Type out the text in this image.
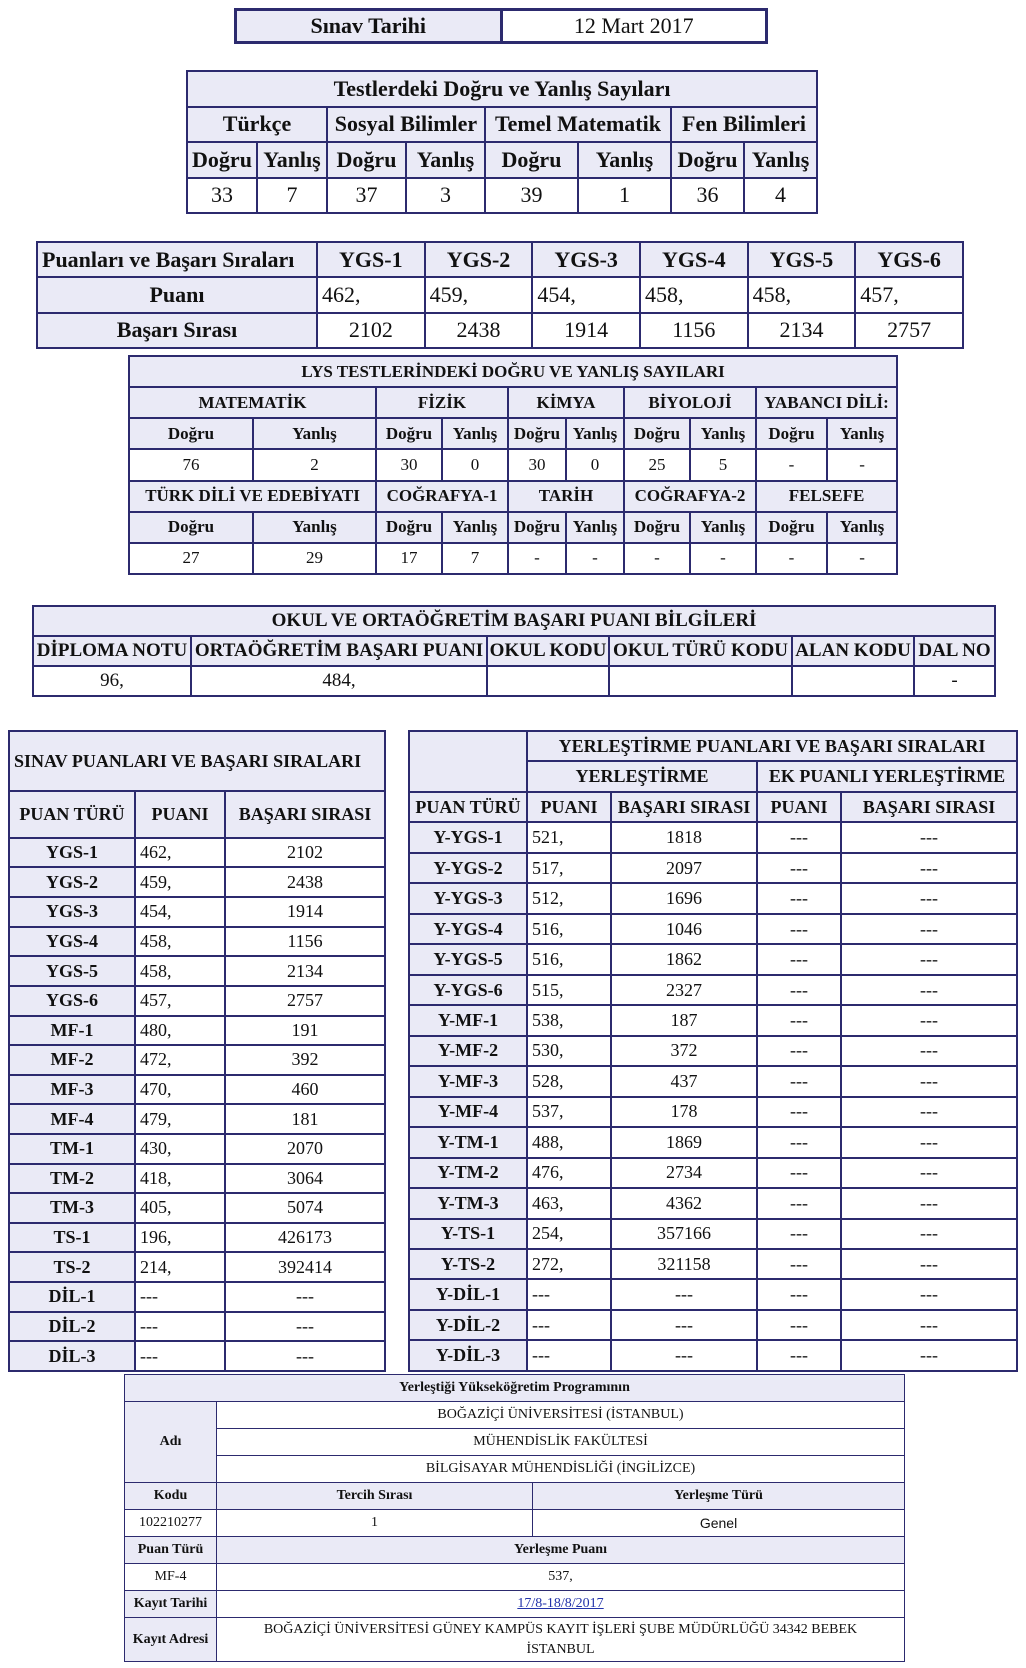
Sınav Tarihi	12 Mart 2017
Testlerdeki Doğru ve Yanlış Sayıları							
Türkçe		Sosyal Bilimler		Temel Matematik		Fen Bilimleri	
Doğru	Yanlış	Doğru	Yanlış	Doğru	Yanlış	Doğru	Yanlış
33	7	37	3	39	1	36	4
Puanları ve Başarı Sıraları	YGS-1	YGS-2	YGS-3	YGS-4	YGS-5	YGS-6
Puanı	462,	459,	454,	458,	458,	457,
Başarı Sırası	2102	2438	1914	1156	2134	2757
LYS TESTLERİNDEKİ DOĞRU VE YANLIŞ SAYILARI									
MATEMATİK		FİZİK		KİMYA		BİYOLOJİ		YABANCI DİLİ:	
Doğru	Yanlış	Doğru	Yanlış	Doğru	Yanlış	Doğru	Yanlış	Doğru	Yanlış
76	2	30	0	30	0	25	5	-	-
TÜRK DİLİ VE EDEBİYATI		COĞRAFYA-1		TARİH		COĞRAFYA-2		FELSEFE	
Doğru	Yanlış	Doğru	Yanlış	Doğru	Yanlış	Doğru	Yanlış	Doğru	Yanlış
27	29	17	7	-	-	-	-	-	-
OKUL VE ORTAÖĞRETİM BAŞARI PUANI BİLGİLERİ					
DİPLOMA NOTU	ORTAÖĞRETİM BAŞARI PUANI	OKUL KODU	OKUL TÜRÜ KODU	ALAN KODU	DAL NO
96,	484,				-
SINAV PUANLARI VE BAŞARI SIRALARI		
PUAN TÜRÜ	PUANI	BAŞARI SIRASI
YGS-1	462,	2102
YGS-2	459,	2438
YGS-3	454,	1914
YGS-4	458,	1156
YGS-5	458,	2134
YGS-6	457,	2757
MF-1	480,	191
MF-2	472,	392
MF-3	470,	460
MF-4	479,	181
TM-1	430,	2070
TM-2	418,	3064
TM-3	405,	5074
TS-1	196,	426173
TS-2	214,	392414
DİL-1	---	---
DİL-2	---	---
DİL-3	---	---
	YERLEŞTİRME PUANLARI VE BAŞARI SIRALARI			
	YERLEŞTİRME		EK PUANLI YERLEŞTİRME	
PUAN TÜRÜ	PUANI	BAŞARI SIRASI	PUANI	BAŞARI SIRASI
Y-YGS-1	521,	1818	---	---
Y-YGS-2	517,	2097	---	---
Y-YGS-3	512,	1696	---	---
Y-YGS-4	516,	1046	---	---
Y-YGS-5	516,	1862	---	---
Y-YGS-6	515,	2327	---	---
Y-MF-1	538,	187	---	---
Y-MF-2	530,	372	---	---
Y-MF-3	528,	437	---	---
Y-MF-4	537,	178	---	---
Y-TM-1	488,	1869	---	---
Y-TM-2	476,	2734	---	---
Y-TM-3	463,	4362	---	---
Y-TS-1	254,	357166	---	---
Y-TS-2	272,	321158	---	---
Y-DİL-1	---	---	---	---
Y-DİL-2	---	---	---	---
Y-DİL-3	---	---	---	---
Yerleştiği Yükseköğretim Programının		
Adı	BOĞAZİÇİ ÜNİVERSİTESİ (İSTANBUL)	
	MÜHENDİSLİK FAKÜLTESİ	
	BİLGİSAYAR MÜHENDİSLİĞİ (İNGİLİZCE)	
Kodu	Tercih Sırası	Yerleşme Türü
102210277	1	Genel
Puan Türü	Yerleşme Puanı	
MF-4	537,	
Kayıt Tarihi	17/8-18/8/2017	
Kayıt Adresi	BOĞAZİÇİ ÜNİVERSİTESİ GÜNEY KAMPÜS KAYIT İŞLERİ ŞUBE MÜDÜRLÜĞÜ 34342 BEBEK
İSTANBUL	
